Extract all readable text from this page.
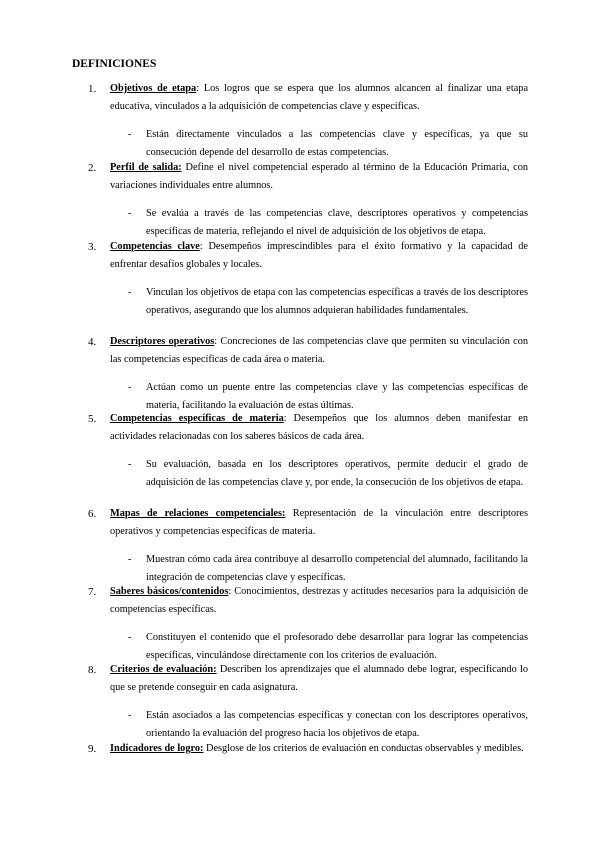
DEFINICIONES
1. Objetivos de etapa: Los logros que se espera que los alumnos alcancen al finalizar una etapa educativa, vinculados a la adquisición de competencias clave y específicas.
- Están directamente vinculados a las competencias clave y específicas, ya que su consecución depende del desarrollo de estas competencias.
2. Perfil de salida: Define el nivel competencial esperado al término de la Educación Primaria, con variaciones individuales entre alumnos.
- Se evalúa a través de las competencias clave, descriptores operativos y competencias específicas de materia, reflejando el nivel de adquisición de los objetivos de etapa.
3. Competencias clave: Desempeños imprescindibles para el éxito formativo y la capacidad de enfrentar desafíos globales y locales.
- Vinculan los objetivos de etapa con las competencias específicas a través de los descriptores operativos, asegurando que los alumnos adquieran habilidades fundamentales.
4. Descriptores operativos: Concreciones de las competencias clave que permiten su vinculación con las competencias específicas de cada área o materia.
- Actúan como un puente entre las competencias clave y las competencias específicas de materia, facilitando la evaluación de estas últimas.
5. Competencias específicas de materia: Desempeños que los alumnos deben manifestar en actividades relacionadas con los saberes básicos de cada área.
- Su evaluación, basada en los descriptores operativos, permite deducir el grado de adquisición de las competencias clave y, por ende, la consecución de los objetivos de etapa.
6. Mapas de relaciones competenciales: Representación de la vinculación entre descriptores operativos y competencias específicas de materia.
- Muestran cómo cada área contribuye al desarrollo competencial del alumnado, facilitando la integración de competencias clave y específicas.
7. Saberes básicos/contenidos: Conocimientos, destrezas y actitudes necesarios para la adquisición de competencias específicas.
- Constituyen el contenido que el profesorado debe desarrollar para lograr las competencias específicas, vinculándose directamente con los criterios de evaluación.
8. Criterios de evaluación: Describen los aprendizajes que el alumnado debe lograr, especificando lo que se pretende conseguir en cada asignatura.
- Están asociados a las competencias específicas y conectan con los descriptores operativos, orientando la evaluación del progreso hacia los objetivos de etapa.
9. Indicadores de logro: Desglose de los criterios de evaluación en conductas observables y medibles.
